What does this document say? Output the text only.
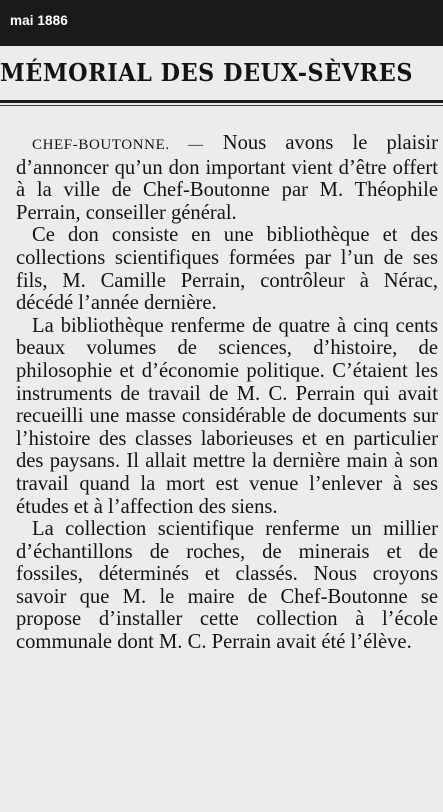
mai 1886
MÉMORIAL DES DEUX-SÈVRES

CHEF-BOUTONNE. — Nous avons le plaisir d’annoncer qu’un don important vient d’être offert à la ville de Chef-Boutonne par M. Théophile Perrain, conseiller général.

Ce don consiste en une bibliothèque et des collections scientifiques formées par l’un de ses fils, M. Camille Perrain, contrôleur à Nérac, décédé l’année dernière.

La bibliothèque renferme de quatre à cinq cents beaux volumes de sciences, d’histoire, de philosophie et d’économie politique. C’étaient les instruments de travail de M. C. Perrain qui avait recueilli une masse considérable de documents sur l’histoire des classes laborieuses et en particulier des paysans. Il allait mettre la dernière main à son travail quand la mort est venue l’enlever à ses études et à l’affection des siens.

La collection scientifique renferme un millier d’échantillons de roches, de minerais et de fossiles, déterminés et classés. Nous croyons savoir que M. le maire de Chef-Boutonne se propose d’installer cette collection à l’école communale dont M. C. Perrain avait été l’élève.
